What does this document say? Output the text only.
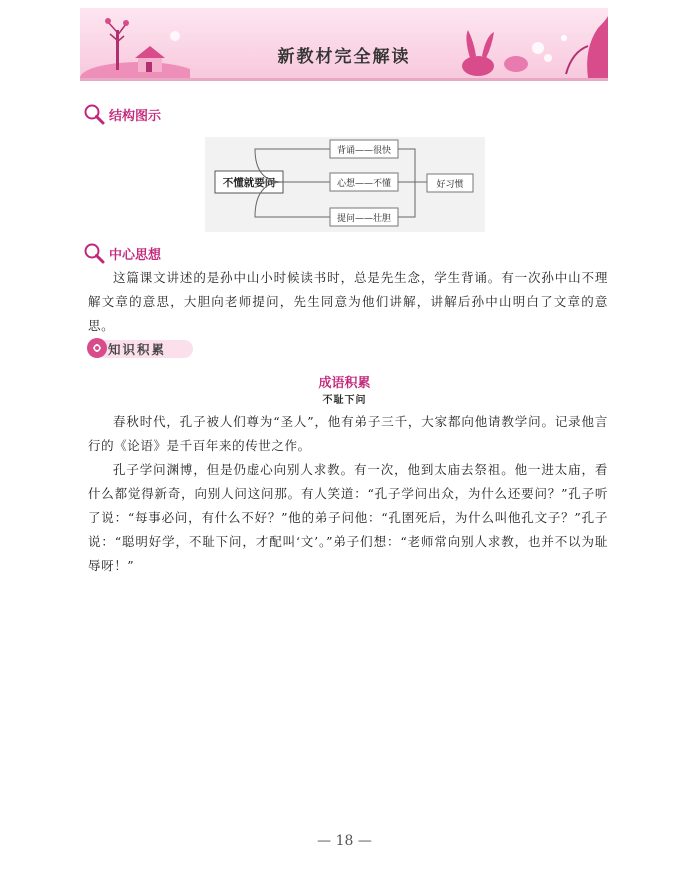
新教材完全解读
结构图示
不懂就要问
背诵——很快
心想——不懂
提问——壮胆
好习惯
中心思想

这篇课文讲述的是孙中山小时候读书时，总是先生念，学生背诵。有一次孙中山不理解文章的意思，大胆向老师提问，先生同意为他们讲解，讲解后孙中山明白了文章的意思。

知识积累
成语积累
不耻下问

春秋时代，孔子被人们尊为“圣人”，他有弟子三千，大家都向他请教学问。记录他言行的《论语》是千百年来的传世之作。

孔子学问渊博，但是仍虚心向别人求教。有一次，他到太庙去祭祖。他一进太庙，看什么都觉得新奇，向别人问这问那。有人笑道：“孔子学问出众，为什么还要问？”孔子听了说：“每事必问，有什么不好？”他的弟子问他：“孔圉死后，为什么叫他孔文子？”孔子说：“聪明好学，不耻下问，才配叫‘文’。”弟子们想：“老师常向别人求教，也并不以为耻辱呀！”

— 18 —
